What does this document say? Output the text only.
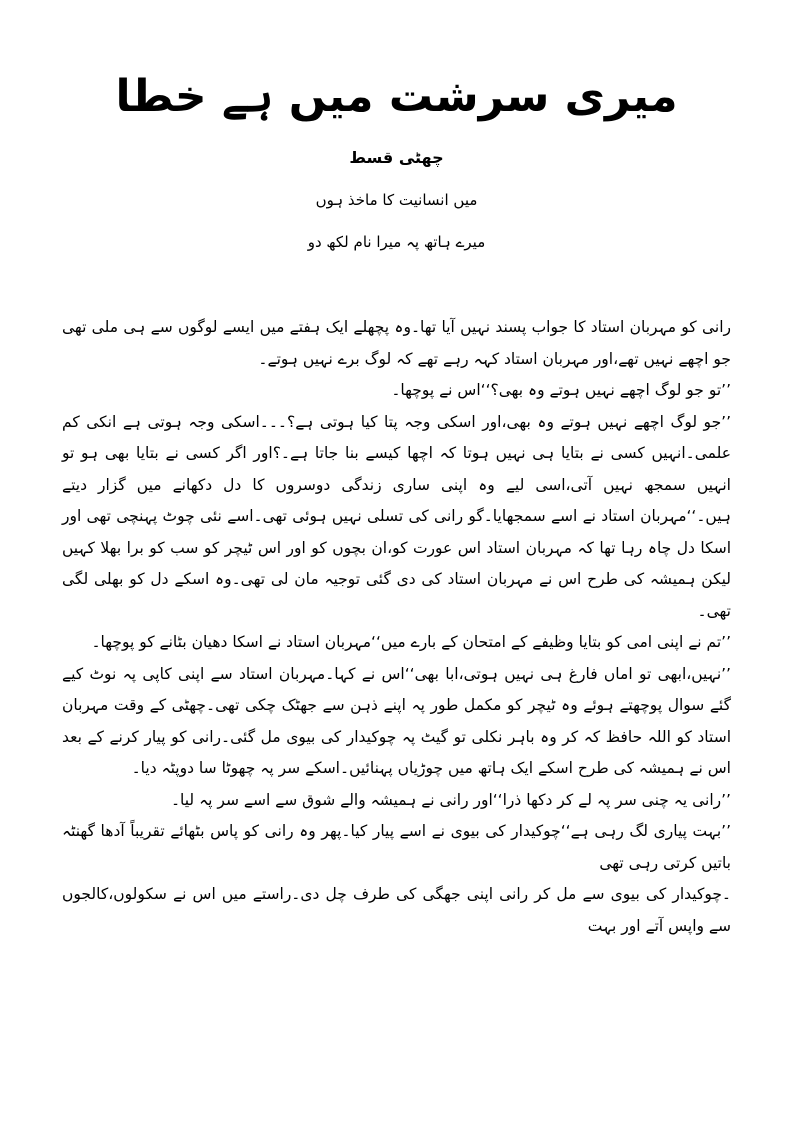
میری سرشت میں ہے خطا
چھٹی قسط
میں انسانیت کا ماخذ ہوں
میرے ہاتھ پہ میرا نام لکھ دو

رانی کو مہربان استاد کا جواب پسند نہیں آیا تھا۔وہ پچھلے ایک ہفتے میں ایسے لوگوں سے ہی ملی تھی جو اچھے نہیں تھے،اور مہربان استاد کہہ رہے تھے کہ لوگ برے نہیں ہوتے۔

’’تو جو لوگ اچھے نہیں ہوتے وہ بھی؟‘‘اس نے پوچھا۔

’’جو لوگ اچھے نہیں ہوتے وہ بھی،اور اسکی وجہ پتا کیا ہوتی ہے؟۔۔۔اسکی وجہ ہوتی ہے انکی کم علمی۔انہیں کسی نے بتایا ہی نہیں ہوتا کہ اچھا کیسے بنا جاتا ہے۔؟اور اگر کسی نے بتایا بھی ہو تو انہیں سمجھ نہیں آتی،اسی لیے وہ اپنی ساری زندگی دوسروں کا دل دکھانے میں گزار دیتے ہیں۔‘‘مہربان استاد نے اسے سمجھایا۔گو رانی کی تسلی نہیں ہوئی تھی۔اسے نئی چوٹ پہنچی تھی اور اسکا دل چاہ رہا تھا کہ مہربان استاد اس عورت کو،ان بچوں کو اور اس ٹیچر کو سب کو برا بھلا کہیں لیکن ہمیشہ کی طرح اس نے مہربان استاد کی دی گئی توجیہ مان لی تھی۔وہ اسکے دل کو بھلی لگی تھی۔

’’تم نے اپنی امی کو بتایا وظیفے کے امتحان کے بارے میں‘‘مہربان استاد نے اسکا دھیان بٹانے کو پوچھا۔

’’نہیں،ابھی تو اماں فارغ ہی نہیں ہوتی،ابا بھی‘‘اس نے کہا۔مہربان استاد سے اپنی کاپی پہ نوٹ کیے گئے سوال پوچھتے ہوئے وہ ٹیچر کو مکمل طور پہ اپنے ذہن سے جھٹک چکی تھی۔چھٹی کے وقت مہربان استاد کو اللہ حافظ کہ کر وہ باہر نکلی تو گیٹ پہ چوکیدار کی بیوی مل گئی۔رانی کو پیار کرنے کے بعد اس نے ہمیشہ کی طرح اسکے ایک ہاتھ میں چوڑیاں پہنائیں۔اسکے سر پہ چھوٹا سا دوپٹہ دیا۔

’’رانی یہ چنی سر پہ لے کر دکھا ذرا‘‘اور رانی نے ہمیشہ والے شوق سے اسے سر پہ لیا۔

’’بہت پیاری لگ رہی ہے‘‘چوکیدار کی بیوی نے اسے پیار کیا۔پھر وہ رانی کو پاس بٹھائے تقریباً آدھا گھنٹہ باتیں کرتی رہی تھی

۔چوکیدار کی بیوی سے مل کر رانی اپنی جھگی کی طرف چل دی۔راستے میں اس نے سکولوں،کالجوں سے واپس آتے اور بہت
